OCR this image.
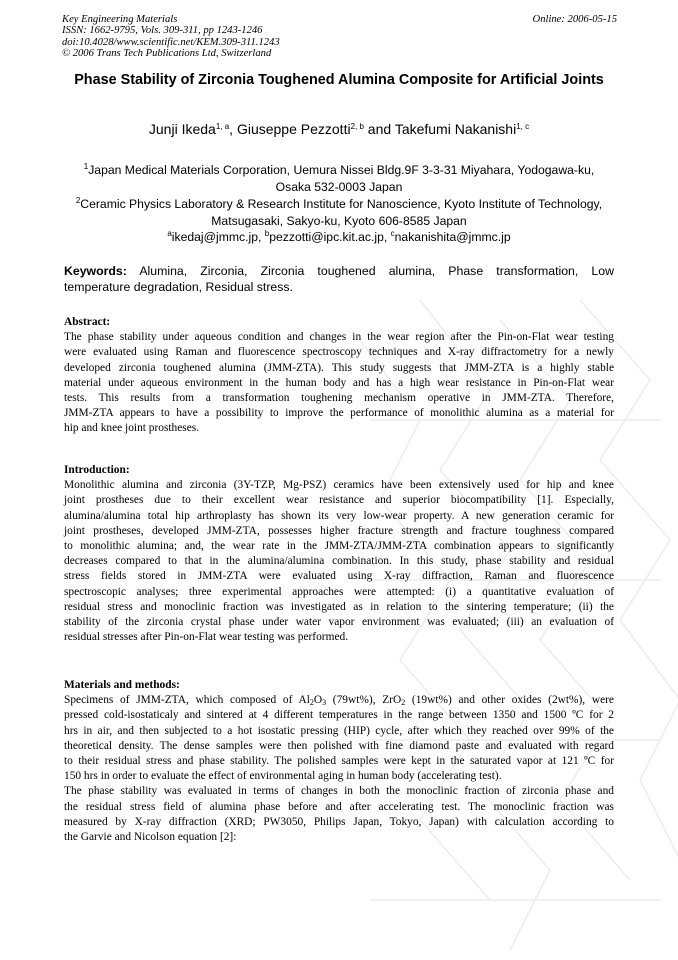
Key Engineering Materials
ISSN: 1662-9795, Vols. 309-311, pp 1243-1246
doi:10.4028/www.scientific.net/KEM.309-311.1243
© 2006 Trans Tech Publications Ltd, Switzerland
Online: 2006-05-15
Phase Stability of Zirconia Toughened Alumina Composite for Artificial Joints
Junji Ikeda$^{1, a}$, Giuseppe Pezzotti$^{2, b}$ and Takefumi Nakanishi$^{1, c}$
$^1$Japan Medical Materials Corporation, Uemura Nissei Bldg.9F 3-3-31 Miyahara, Yodogawa-ku,
Osaka 532-0003 Japan
$^2$Ceramic Physics Laboratory & Research Institute for Nanoscience, Kyoto Institute of Technology,
Matsugasaki, Sakyo-ku, Kyoto 606-8585 Japan
$^a$ikedaj@jmmc.jp, $^b$pezzotti@ipc.kit.ac.jp, $^c$nakanishita@jmmc.jp
Keywords: Alumina, Zirconia, Zirconia toughened alumina, Phase transformation, Low
temperature degradation, Residual stress.
Abstract:
The phase stability under aqueous condition and changes in the wear region after the Pin-on-Flat wear testing
were evaluated using Raman and fluorescence spectroscopy techniques and X-ray diffractometry for a newly
developed zirconia toughened alumina (JMM-ZTA). This study suggests that JMM-ZTA is a highly stable
material under aqueous environment in the human body and has a high wear resistance in Pin-on-Flat wear
tests. This results from a transformation toughening mechanism operative in JMM-ZTA. Therefore,
JMM-ZTA appears to have a possibility to improve the performance of monolithic alumina as a material for
hip and knee joint prostheses.
Introduction:
Monolithic alumina and zirconia (3Y-TZP, Mg-PSZ) ceramics have been extensively used for hip and knee
joint prostheses due to their excellent wear resistance and superior biocompatibility [1]. Especially,
alumina/alumina total hip arthroplasty has shown its very low-wear property. A new generation ceramic for
joint prostheses, developed JMM-ZTA, possesses higher fracture strength and fracture toughness compared
to monolithic alumina; and, the wear rate in the JMM-ZTA/JMM-ZTA combination appears to significantly
decreases compared to that in the alumina/alumina combination. In this study, phase stability and residual
stress fields stored in JMM-ZTA were evaluated using X-ray diffraction, Raman and fluorescence
spectroscopic analyses; three experimental approaches were attempted: (i) a quantitative evaluation of
residual stress and monoclinic fraction was investigated as in relation to the sintering temperature; (ii) the
stability of the zirconia crystal phase under water vapor environment was evaluated; (iii) an evaluation of
residual stresses after Pin-on-Flat wear testing was performed.
Materials and methods:
Specimens of JMM-ZTA, which composed of $Al_2O_3$ (79wt%), ZrO$_2$ (19wt%) and other oxides (2wt%), were
pressed cold-isostaticaly and sintered at 4 different temperatures in the range between 1350 and 1500 ºC for 2
hrs in air, and then subjected to a hot isostatic pressing (HIP) cycle, after which they reached over 99% of the
theoretical density. The dense samples were then polished with fine diamond paste and evaluated with regard
to their residual stress and phase stability. The polished samples were kept in the saturated vapor at 121 ºC for
150 hrs in order to evaluate the effect of environmental aging in human body (accelerating test).
The phase stability was evaluated in terms of changes in both the monoclinic fraction of zirconia phase and
the residual stress field of alumina phase before and after accelerating test. The monoclinic fraction was
measured by X-ray diffraction (XRD; PW3050, Philips Japan, Tokyo, Japan) with calculation according to
the Garvie and Nicolson equation [2]:
